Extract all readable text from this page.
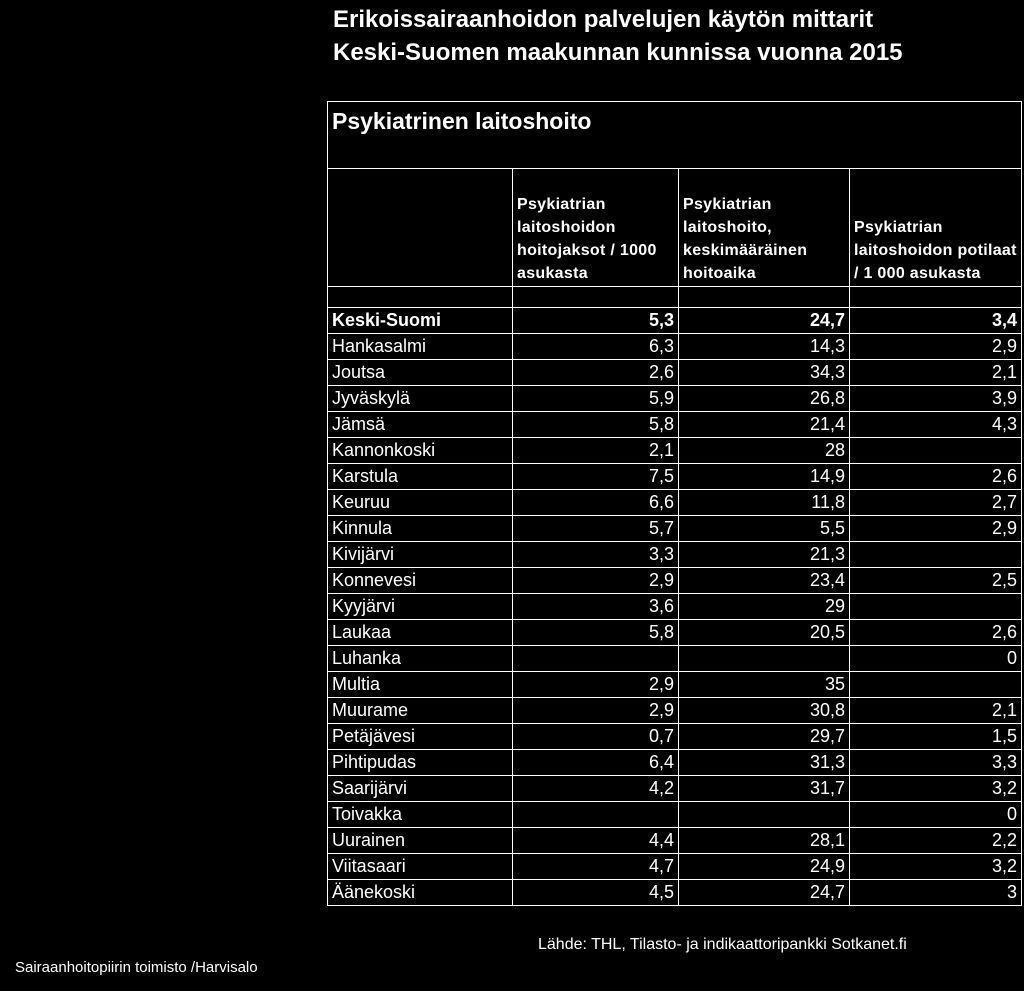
Erikoissairaanhoidon palvelujen käytön mittarit
Keski-Suomen maakunnan kunnissa vuonna 2015
Psykiatrinen laitoshoito			
	Psykiatrian laitoshoidon hoitojaksot / 1000 asukasta	Psykiatrian laitoshoito, keskimääräinen hoitoaika	Psykiatrian laitoshoidon potilaat / 1 000 asukasta

Keski-Suomi	5,3	24,7	3,4
Hankasalmi	6,3	14,3	2,9
Joutsa	2,6	34,3	2,1
Jyväskylä	5,9	26,8	3,9
Jämsä	5,8	21,4	4,3
Kannonkoski	2,1	28	
Karstula	7,5	14,9	2,6
Keuruu	6,6	11,8	2,7
Kinnula	5,7	5,5	2,9
Kivijärvi	3,3	21,3	
Konnevesi	2,9	23,4	2,5
Kyyjärvi	3,6	29	
Laukaa	5,8	20,5	2,6
Luhanka			0
Multia	2,9	35	
Muurame	2,9	30,8	2,1
Petäjävesi	0,7	29,7	1,5
Pihtipudas	6,4	31,3	3,3
Saarijärvi	4,2	31,7	3,2
Toivakka			0
Uurainen	4,4	28,1	2,2
Viitasaari	4,7	24,9	3,2
Äänekoski	4,5	24,7	3
Lähde: THL, Tilasto- ja indikaattoripankki Sotkanet.fi
Sairaanhoitopiirin toimisto /Harvisalo
